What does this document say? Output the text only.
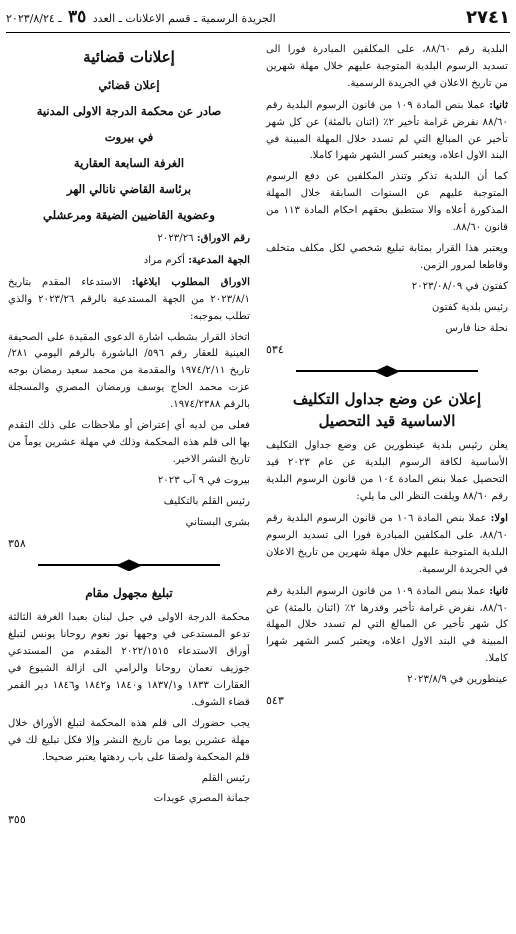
٢٧٤١
الجريدة الرسمية ـ قسم الاعلانات ـ العدد ٣٥ ـ ٢٠٢٣/٨/٢٤

البلدية رقم ٨٨/٦٠، على المكلفين المبادرة فورا الى تسديد الرسوم البلدية المتوجبة عليهم خلال مهلة شهرين من تاريخ الاعلان في الجريدة الرسمية.

ثانيا: عملا بنص المادة ١٠٩ من قانون الرسوم البلدية رقم ٨٨/٦٠ نفرض غرامة تأخير ٢٪ (اثنان بالمئة) عن كل شهر تأخير عن المبالغ التي لم تسدد خلال المهلة المبينة في البند الاول اعلاه، ويعتبر كسر الشهر شهرا كاملا.

كما أن البلدية تذكر وتنذر المكلفين عن دفع الرسوم المتوجبة عليهم عن السنوات السابقة خلال المهلة المذكورة أعلاه والا ستطبق بحقهم احكام المادة ١١٣ من قانون ٨٨/٦٠.

ويعتبر هذا القرار بمثابة تبليغ شخصي لكل مكلف متخلف وقاطعا لمرور الزمن.

كفتون في ٢٠٢٣/٠٨/٠٩

رئيس بلدية كفتون

نحلة حنا فارس

٥٣٤
إعلان عن وضع جداول التكليف الاساسية قيد التحصيل

يعلن رئيس بلدية عينطورين عن وضع جداول التكليف الأساسية لكافة الرسوم البلدية عن عام ٢٠٢٣ قيد التحصيل عملا بنص المادة ١٠٤ من قانون الرسوم البلدية رقم ٨٨/٦٠ ويلفت النظر الى ما يلي:

اولا: عملا بنص المادة ١٠٦ من قانون الرسوم البلدية رقم ٨٨/٦٠، على المكلفين المبادرة فورا الى تسديد الرسوم البلدية المتوجبة عليهم خلال مهلة شهرين من تاريخ الاعلان في الجريدة الرسمية.

ثانيا: عملا بنص المادة ١٠٩ من قانون الرسوم البلدية رقم ٨٨/٦٠، نفرض غرامة تأخير وقدرها ٢٪ (اثنان بالمئة) عن كل شهر تأخير عن المبالغ التي لم تسدد خلال المهلة المبينة في البند الاول اعلاه، ويعتبر كسر الشهر شهرا كاملا.

عينطورين في ٢٠٢٣/٨/٩

٥٤٣
إعلانات قضائية

إعلان قضائي

صادر عن محكمة الدرجة الاولى المدنية

في بيروت

الغرفة السابعة العقارية

برئاسة القاضي نانالي الهر

وعضوية القاضيين الضيقة ومرعشلي

رقم الاوراق: ٢٠٢٣/٢٦

الجهة المدعية: أكرم مراد

الاوراق المطلوب ابلاغها: الاستدعاء المقدم بتاريخ ٢٠٢٣/٨/١ من الجهة المستدعية بالرقم ٢٠٢٣/٢٦ والذي تطلب بموجبه:

اتخاذ القرار بشطب اشارة الدعوى المقيدة على الصحيفة العينية للعقار رقم ٥٩٦/ الباشورة بالرقم اليومي ٢٨١/ تاريخ ١٩٧٤/٢/١١ والمقدمة من محمد سعيد رمضان بوجه عزت محمد الحاج يوسف ورمضان المصري والمسجلة بالرقم ١٩٧٤/٢٣٨٨.

فعلى من لديه أي إعتراض أو ملاحظات على ذلك التقدم بها الى قلم هذه المحكمة وذلك في مهلة عشرين يوماً من تاريخ النشر الاخير.

بيروت في ٩ آب ٢٠٢٣

رئيس القلم بالتكليف

بشرى البستاني

٣٥٨
تبليغ مجهول مقام

محكمة الدرجة الاولى في جبل لبنان بعبدا الغرفة الثالثة تدعو المستدعى في وجهها نور نعوم روحانا يونس لتبلغ أوراق الاستدعاء ٢٠٢٢/١٥١٥ المقدم من المستدعي جوزيف نعمان روحانا والرامي الى ازالة الشيوع في العقارات ١٨٣٣ و١٨٣٧/١ و١٨٤٠ و١٨٤٢ و١٨٤٦ دير القمر قضاء الشوف.

يجب حضورك الى قلم هذه المحكمة لتبلغ الأوراق خلال مهلة عشرين يوما من تاريخ النشر وإلا فكل تبليغ لك في قلم المحكمة ولصقا على باب ردهتها يعتبر صحيحا.

رئيس القلم

جمانة المصري عويدات

٣٥٥
